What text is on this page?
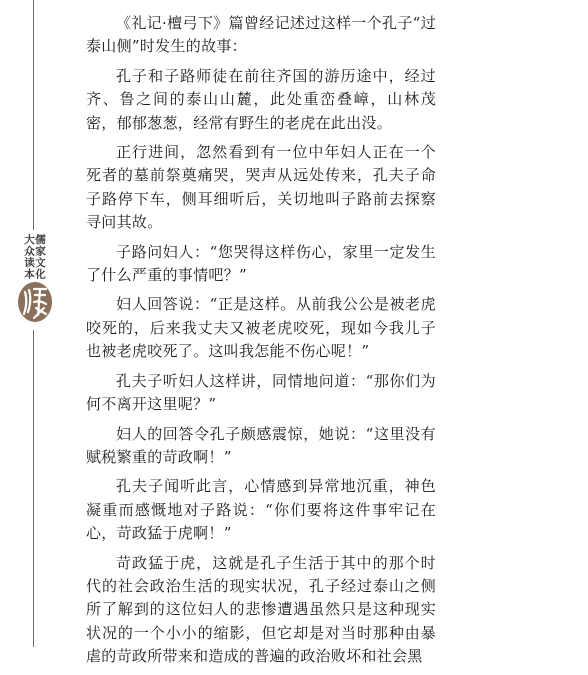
大众读本 儒家文化

《礼记·檀弓下》篇曾经记述过这样一个孔子“过泰山侧”时发生的故事：

孔子和子路师徒在前往齐国的游历途中，经过齐、鲁之间的泰山山麓，此处重峦叠嶂，山林茂密，郁郁葱葱，经常有野生的老虎在此出没。

正行进间，忽然看到有一位中年妇人正在一个死者的墓前祭奠痛哭，哭声从远处传来，孔夫子命子路停下车，侧耳细听后，关切地叫子路前去探察寻问其故。

子路问妇人：“您哭得这样伤心，家里一定发生了什么严重的事情吧？”

妇人回答说：“正是这样。从前我公公是被老虎咬死的，后来我丈夫又被老虎咬死，现如今我儿子也被老虎咬死了。这叫我怎能不伤心呢！”

孔夫子听妇人这样讲，同情地问道：“那你们为何不离开这里呢？”

妇人的回答令孔子颇感震惊，她说：“这里没有赋税繁重的苛政啊！”

孔夫子闻听此言，心情感到异常地沉重，神色凝重而感慨地对子路说：“你们要将这件事牢记在心，苛政猛于虎啊！”

苛政猛于虎，这就是孔子生活于其中的那个时代的社会政治生活的现实状况，孔子经过泰山之侧所了解到的这位妇人的悲惨遭遇虽然只是这种现实状况的一个小小的缩影，但它却是对当时那种由暴虐的苛政所带来和造成的普遍的政治败坏和社会黑
